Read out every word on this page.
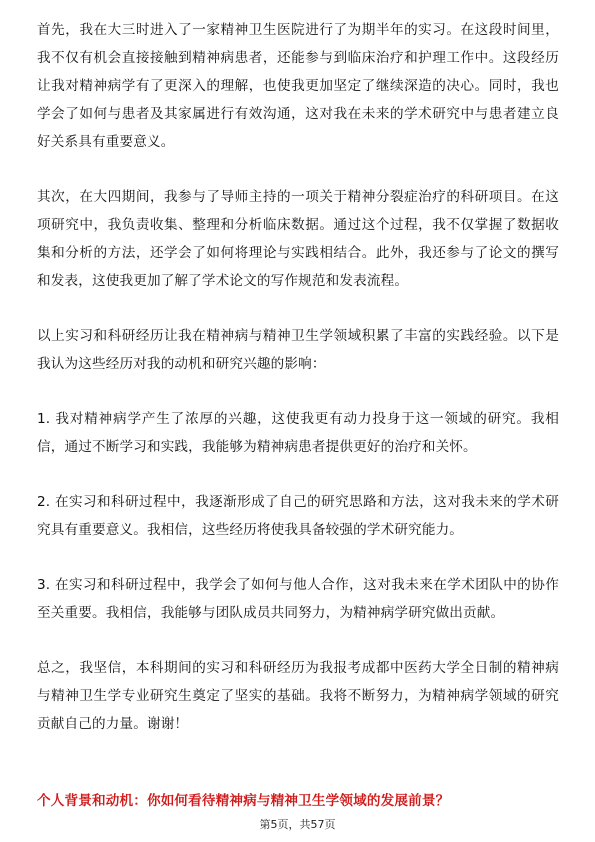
首先，我在大三时进入了一家精神卫生医院进行了为期半年的实习。在这段时间里，我不仅有机会直接接触到精神病患者，还能参与到临床治疗和护理工作中。这段经历让我对精神病学有了更深入的理解，也使我更加坚定了继续深造的决心。同时，我也学会了如何与患者及其家属进行有效沟通，这对我在未来的学术研究中与患者建立良好关系具有重要意义。

其次，在大四期间，我参与了导师主持的一项关于精神分裂症治疗的科研项目。在这项研究中，我负责收集、整理和分析临床数据。通过这个过程，我不仅掌握了数据收集和分析的方法，还学会了如何将理论与实践相结合。此外，我还参与了论文的撰写和发表，这使我更加了解了学术论文的写作规范和发表流程。

以上实习和科研经历让我在精神病与精神卫生学领域积累了丰富的实践经验。以下是我认为这些经历对我的动机和研究兴趣的影响：

1. 我对精神病学产生了浓厚的兴趣，这使我更有动力投身于这一领域的研究。我相信，通过不断学习和实践，我能够为精神病患者提供更好的治疗和关怀。

2. 在实习和科研过程中，我逐渐形成了自己的研究思路和方法，这对我未来的学术研究具有重要意义。我相信，这些经历将使我具备较强的学术研究能力。

3. 在实习和科研过程中，我学会了如何与他人合作，这对我未来在学术团队中的协作至关重要。我相信，我能够与团队成员共同努力，为精神病学研究做出贡献。

总之，我坚信，本科期间的实习和科研经历为我报考成都中医药大学全日制的精神病与精神卫生学专业研究生奠定了坚实的基础。我将不断努力，为精神病学领域的研究贡献自己的力量。谢谢！

个人背景和动机：你如何看待精神病与精神卫生学领域的发展前景？
第5页，共57页
